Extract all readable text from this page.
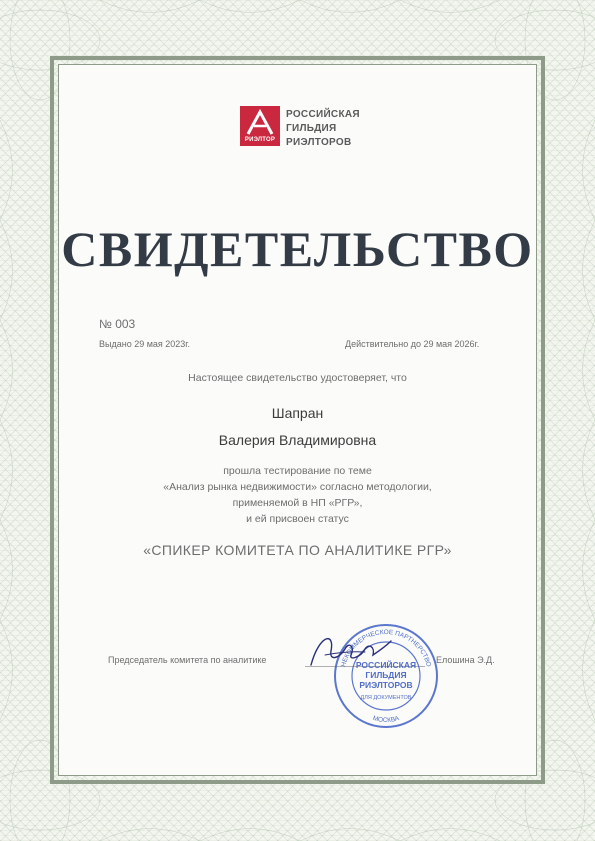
РИЭЛТОР
РОССИЙСКАЯ
ГИЛЬДИЯ
РИЭЛТОРОВ
СВИДЕТЕЛЬСТВО
№ 003
Выдано 29 мая 2023г.	Действительно до 29 мая 2026г.
Настоящее свидетельство удостоверяет, что
Шапран
Валерия Владимировна
прошла тестирование по теме
«Анализ рынка недвижимости» согласно методологии,
применяемой в НП «РГР»,
и ей присвоен статус
«СПИКЕР КОМИТЕТА ПО АНАЛИТИКЕ РГР»
Председатель комитета по аналитике	Елошина Э.Д.
НЕКОММЕРЧЕСКОЕ ПАРТНЕРСТВО
МОСКВА
РОССИЙСКАЯ
ГИЛЬДИЯ
РИЭЛТОРОВ
ДЛЯ ДОКУМЕНТОВ
